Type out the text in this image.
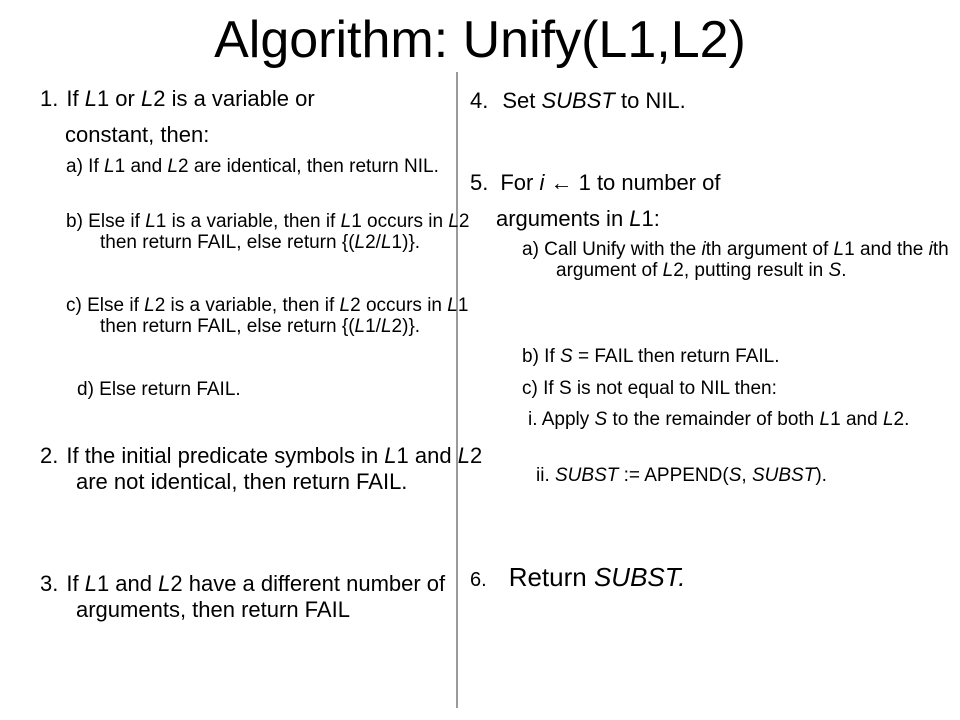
Algorithm: Unify(L1,L2)
1. If L1 or L2 is a variable or
constant, then:
a) If L1 and L2 are identical, then return NIL.
b) Else if L1 is a variable, then if L1 occurs in L2 then return FAIL, else return {(L2/L1)}.
c) Else if L2 is a variable, then if L2 occurs in L1 then return FAIL, else return {(L1/L2)}.
d) Else return FAIL.
2. If the initial predicate symbols in L1 and L2 are not identical, then return FAIL.
3. If L1 and L2 have a different number of arguments, then return FAIL
4. Set SUBST to NIL.
5. For i ← 1 to number of
arguments in L1:
a) Call Unify with the ith argument of L1 and the ith argument of L2, putting result in S.
b) If S = FAIL then return FAIL.
c) If S is not equal to NIL then:
i. Apply S to the remainder of both L1 and L2.
ii. SUBST := APPEND(S, SUBST).
6. Return SUBST.
